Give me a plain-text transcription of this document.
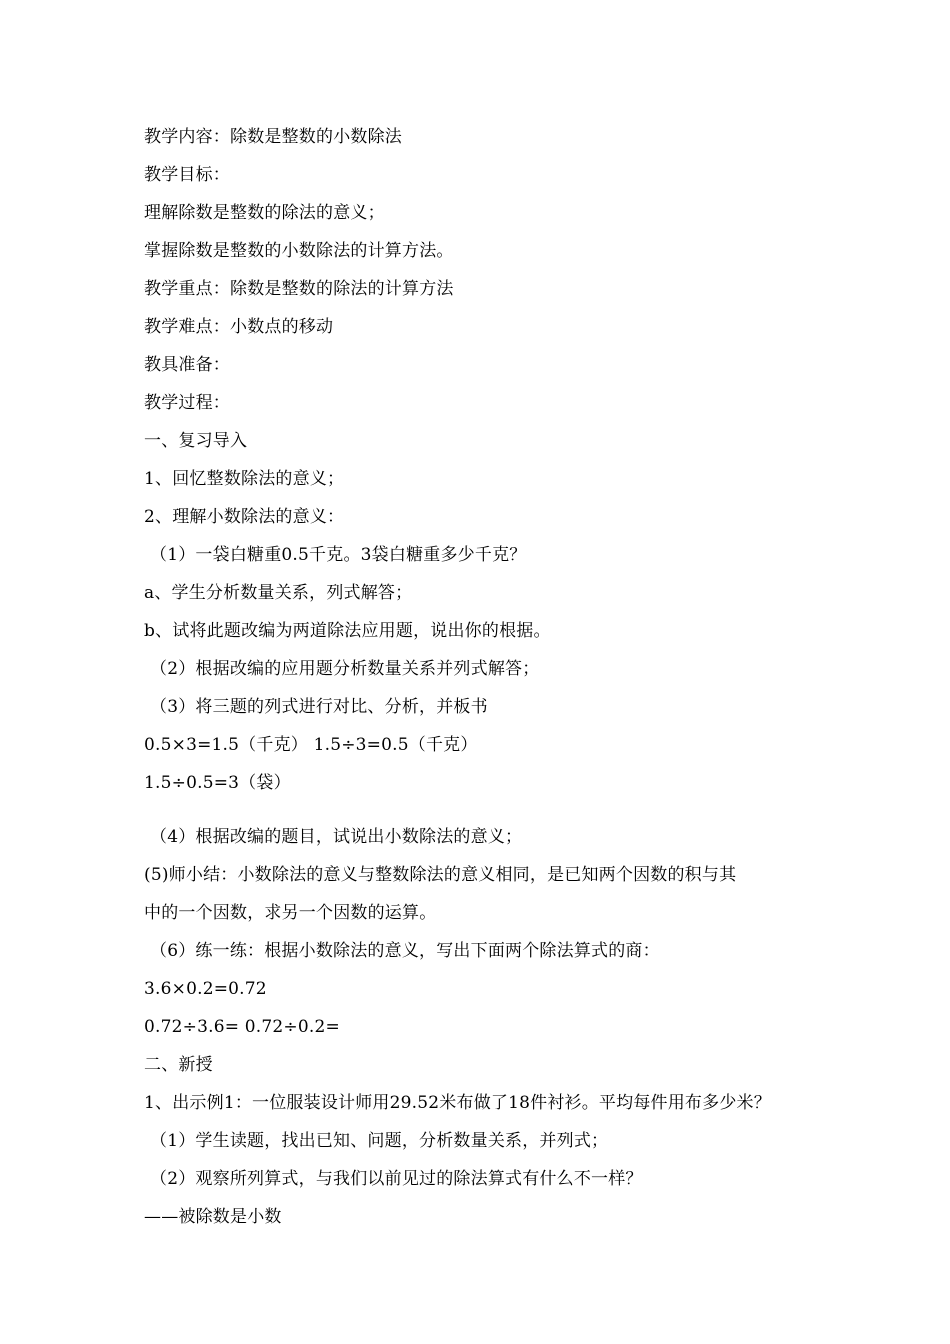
教学内容：除数是整数的小数除法
教学目标：
理解除数是整数的除法的意义；
掌握除数是整数的小数除法的计算方法。
教学重点：除数是整数的除法的计算方法
教学难点：小数点的移动
教具准备：
教学过程：
一、复习导入
1、回忆整数除法的意义；
2、理解小数除法的意义：
（1）一袋白糖重0.5千克。3袋白糖重多少千克？
a、学生分析数量关系，列式解答；
b、试将此题改编为两道除法应用题，说出你的根据。
（2）根据改编的应用题分析数量关系并列式解答；
（3）将三题的列式进行对比、分析，并板书
0.5×3=1.5（千克） 1.5÷3=0.5（千克）
1.5÷0.5=3（袋）
（4）根据改编的题目，试说出小数除法的意义；
(5)师小结：小数除法的意义与整数除法的意义相同，是已知两个因数的积与其
中的一个因数，求另一个因数的运算。
（6）练一练：根据小数除法的意义，写出下面两个除法算式的商：
3.6×0.2=0.72
0.72÷3.6= 0.72÷0.2=
二、新授
1、出示例1：一位服装设计师用29.52米布做了18件衬衫。平均每件用布多少米？
（1）学生读题，找出已知、问题，分析数量关系，并列式；
（2）观察所列算式，与我们以前见过的除法算式有什么不一样？
——被除数是小数
